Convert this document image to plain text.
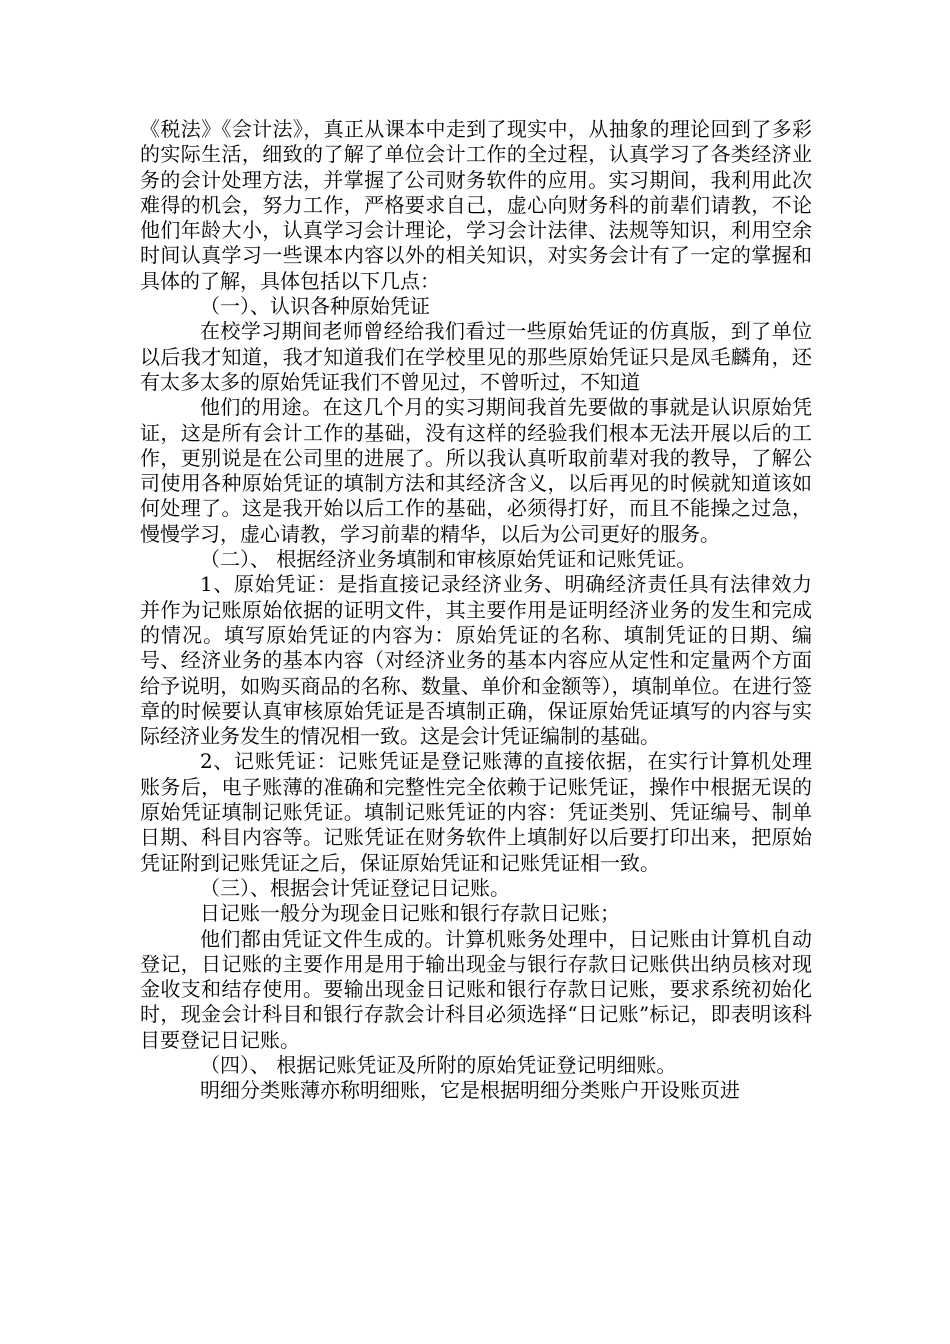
《税法》《会计法》，真正从课本中走到了现实中，从抽象的理论回到了多彩的实际生活，细致的了解了单位会计工作的全过程，认真学习了各类经济业务的会计处理方法，并掌握了公司财务软件的应用。实习期间，我利用此次难得的机会，努力工作，严格要求自己，虚心向财务科的前辈们请教，不论他们年龄大小，认真学习会计理论，学习会计法律、法规等知识，利用空余时间认真学习一些课本内容以外的相关知识，对实务会计有了一定的掌握和具体的了解，具体包括以下几点：

（一）、认识各种原始凭证

在校学习期间老师曾经给我们看过一些原始凭证的仿真版，到了单位以后我才知道，我才知道我们在学校里见的那些原始凭证只是凤毛麟角，还有太多太多的原始凭证我们不曾见过，不曾听过，不知道

他们的用途。在这几个月的实习期间我首先要做的事就是认识原始凭证，这是所有会计工作的基础，没有这样的经验我们根本无法开展以后的工作，更别说是在公司里的进展了。所以我认真听取前辈对我的教导，了解公司使用各种原始凭证的填制方法和其经济含义，以后再见的时候就知道该如何处理了。这是我开始以后工作的基础，必须得打好，而且不能操之过急，慢慢学习，虚心请教，学习前辈的精华，以后为公司更好的服务。

（二）、 根据经济业务填制和审核原始凭证和记账凭证。

1、原始凭证：是指直接记录经济业务、明确经济责任具有法律效力并作为记账原始依据的证明文件，其主要作用是证明经济业务的发生和完成的情况。填写原始凭证的内容为：原始凭证的名称、填制凭证的日期、编号、经济业务的基本内容（对经济业务的基本内容应从定性和定量两个方面给予说明，如购买商品的名称、数量、单价和金额等），填制单位。在进行签章的时候要认真审核原始凭证是否填制正确，保证原始凭证填写的内容与实际经济业务发生的情况相一致。这是会计凭证编制的基础。

2、记账凭证：记账凭证是登记账薄的直接依据，在实行计算机处理账务后，电子账薄的准确和完整性完全依赖于记账凭证，操作中根据无误的原始凭证填制记账凭证。填制记账凭证的内容：凭证类别、凭证编号、制单日期、科目内容等。记账凭证在财务软件上填制好以后要打印出来，把原始凭证附到记账凭证之后，保证原始凭证和记账凭证相一致。

（三）、根据会计凭证登记日记账。

日记账一般分为现金日记账和银行存款日记账；

他们都由凭证文件生成的。计算机账务处理中，日记账由计算机自动登记，日记账的主要作用是用于输出现金与银行存款日记账供出纳员核对现金收支和结存使用。要输出现金日记账和银行存款日记账，要求系统初始化时，现金会计科目和银行存款会计科目必须选择“日记账”标记，即表明该科目要登记日记账。

（四）、 根据记账凭证及所附的原始凭证登记明细账。

明细分类账薄亦称明细账，它是根据明细分类账户开设账页进
